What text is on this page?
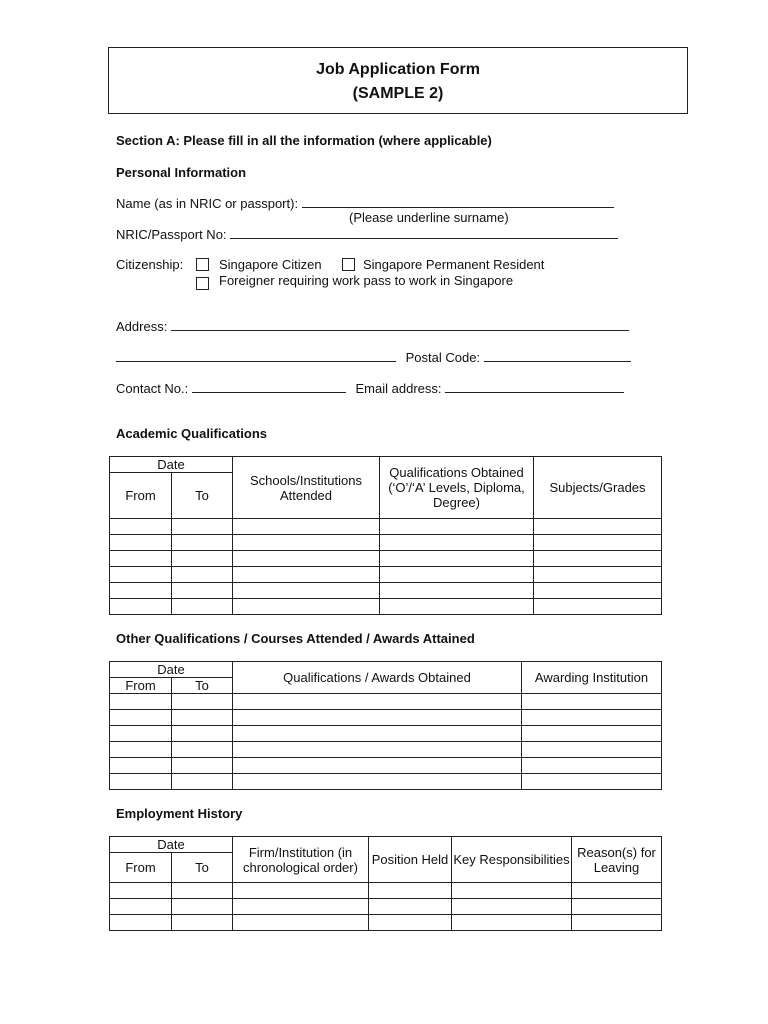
Job Application Form
(SAMPLE 2)
Section A: Please fill in all the information (where applicable)
Personal Information
Name (as in NRIC or passport):
(Please underline surname)
NRIC/Passport No:
Citizenship:	Singapore Citizen	Singapore Permanent Resident
Foreigner requiring work pass to work in Singapore
Address:
Postal Code:
Contact No.:	Email address:
Academic Qualifications
Date		Schools/Institutions Attended	Qualifications Obtained (‘O’/‘A’ Levels, Diploma, Degree)	Subjects/Grades
From	To			

Other Qualifications / Courses Attended / Awards Attained
Date		Qualifications / Awards Obtained	Awarding Institution
From	To		

Employment History
Date		Firm/Institution (in chronological order)	Position Held	Key Responsibilities	Reason(s) for Leaving
From	To				
